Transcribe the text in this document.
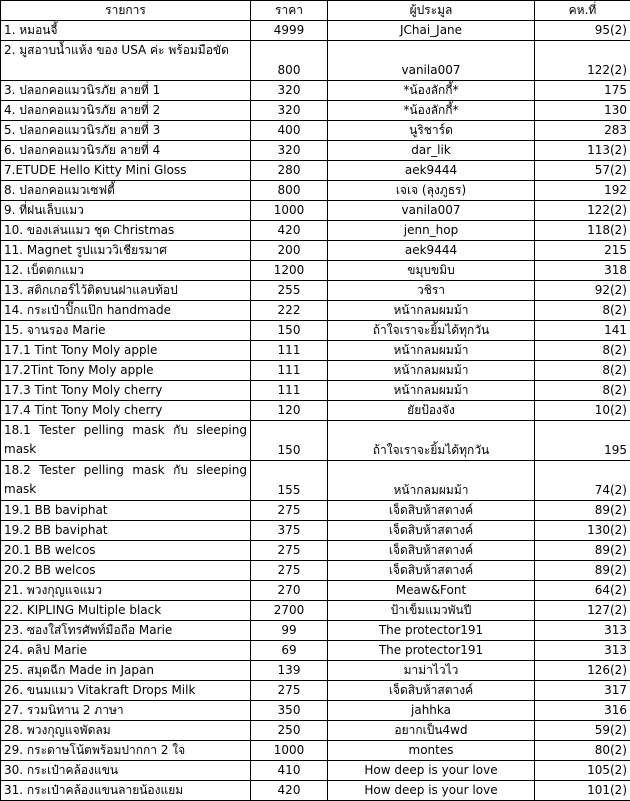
รายการ	ราคา	ผู้ประมูล	คห.ที่
1. หมอนจี้	4999	JChai_Jane	95(2)
2. มูสอาบน้ำแห้ง ของ USA ค่ะ พร้อมมือขัด	800	vanila007	122(2)
3. ปลอกคอแมวนิรภัย ลายที่ 1	320	*น้องลักกี้*	175
4. ปลอกคอแมวนิรภัย ลายที่ 2	320	*น้องลักกี้*	130
5. ปลอกคอแมวนิรภัย ลายที่ 3	400	นูริชาร์ด	283
6. ปลอกคอแมวนิรภัย ลายที่ 4	320	dar_lik	113(2)
7.ETUDE Hello Kitty Mini Gloss	280	aek9444	57(2)
8. ปลอกคอแมวเซฟตี้	800	เจเจ (ลุงภูธร)	192
9. ที่ฝนเล็บแมว	1000	vanila007	122(2)
10. ของเล่นแมว ชุด Christmas	420	jenn_hop	118(2)
11. Magnet รูปแมววิเชียรมาศ	200	aek9444	215
12. เบ็ดตกแมว	1200	ขมุบขมิบ	318
13. สติกเกอร์ไว้ติดบนฝาแลบท้อป	255	วชิรา	92(2)
14. กระเป๋าปิ๊กแป๊ก handmade	222	หน้ากลมผมม้า	8(2)
15. จานรอง Marie	150	ถ้าใจเราจะยิ้มได้ทุกวัน	141
17.1 Tint Tony Moly apple	111	หน้ากลมผมม้า	8(2)
17.2Tint Tony Moly apple	111	หน้ากลมผมม้า	8(2)
17.3 Tint Tony Moly cherry	111	หน้ากลมผมม้า	8(2)
17.4 Tint Tony Moly cherry	120	ยัยป้องจัง	10(2)
18.1 Tester pelling mask กับ sleeping mask	150	ถ้าใจเราจะยิ้มได้ทุกวัน	195
18.2 Tester pelling mask กับ sleeping mask	155	หน้ากลมผมม้า	74(2)
19.1 BB baviphat	275	เจ็ดสิบห้าสตางค์	89(2)
19.2 BB baviphat	375	เจ็ดสิบห้าสตางค์	130(2)
20.1 BB welcos	275	เจ็ดสิบห้าสตางค์	89(2)
20.2 BB welcos	275	เจ็ดสิบห้าสตางค์	89(2)
21. พวงกุญแจแมว	270	Meaw&Font	64(2)
22. KIPLING Multiple black	2700	ป้าเข็มแมวพันปี	127(2)
23. ซองใส่โทรศัพท์มือถือ Marie	99	The protector191	313
24. คลิป Marie	69	The protector191	313
25. สมุดฉีก Made in Japan	139	มาม่าไวไว	126(2)
26. ขนมแมว Vitakraft Drops Milk	275	เจ็ดสิบห้าสตางค์	317
27. รวมนิทาน 2 ภาษา	350	jahhka	316
28. พวงกุญแจพัดลม	250	อยากเป็น4wd	59(2)
29. กระดาษโน้ตพร้อมปากกา 2 ใจ	1000	montes	80(2)
30. กระเป๋าคล้องแขน	410	How deep is your love	105(2)
31. กระเป๋าคล้องแขนลายน้องแยม	420	How deep is your love	101(2)
